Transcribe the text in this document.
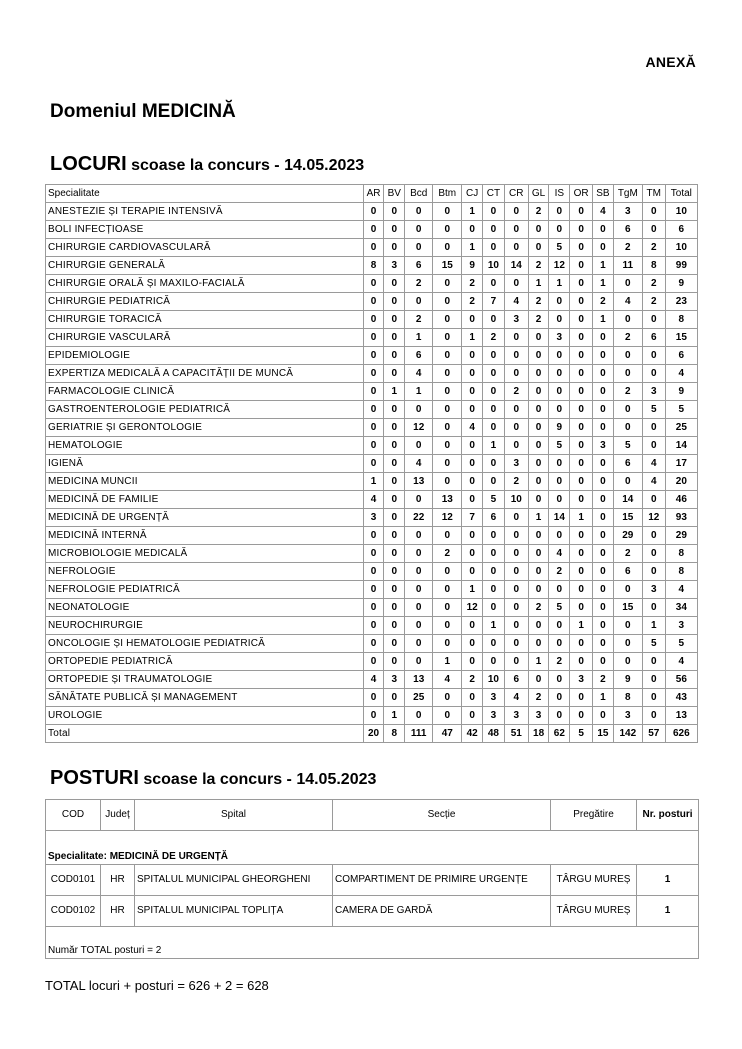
ANEXĂ
Domeniul MEDICINĂ
LOCURI scoase la concurs - 14.05.2023
Specialitate	AR	BV	Bcd	Btm	CJ	CT	CR	GL	IS	OR	SB	TgM	TM	Total
ANESTEZIE ȘI TERAPIE INTENSIVĂ	0	0	0	0	1	0	0	2	0	0	4	3	0	10
BOLI INFECȚIOASE	0	0	0	0	0	0	0	0	0	0	0	6	0	6
CHIRURGIE CARDIOVASCULARĂ	0	0	0	0	1	0	0	0	5	0	0	2	2	10
CHIRURGIE GENERALĂ	8	3	6	15	9	10	14	2	12	0	1	11	8	99
CHIRURGIE ORALĂ ȘI MAXILO-FACIALĂ	0	0	2	0	2	0	0	1	1	0	1	0	2	9
CHIRURGIE PEDIATRICĂ	0	0	0	0	2	7	4	2	0	0	2	4	2	23
CHIRURGIE TORACICĂ	0	0	2	0	0	0	3	2	0	0	1	0	0	8
CHIRURGIE VASCULARĂ	0	0	1	0	1	2	0	0	3	0	0	2	6	15
EPIDEMIOLOGIE	0	0	6	0	0	0	0	0	0	0	0	0	0	6
EXPERTIZA MEDICALĂ A CAPACITĂȚII DE MUNCĂ	0	0	4	0	0	0	0	0	0	0	0	0	0	4
FARMACOLOGIE CLINICĂ	0	1	1	0	0	0	2	0	0	0	0	2	3	9
GASTROENTEROLOGIE PEDIATRICĂ	0	0	0	0	0	0	0	0	0	0	0	0	5	5
GERIATRIE ȘI GERONTOLOGIE	0	0	12	0	4	0	0	0	9	0	0	0	0	25
HEMATOLOGIE	0	0	0	0	0	1	0	0	5	0	3	5	0	14
IGIENĂ	0	0	4	0	0	0	3	0	0	0	0	6	4	17
MEDICINA MUNCII	1	0	13	0	0	0	2	0	0	0	0	0	4	20
MEDICINĂ DE FAMILIE	4	0	0	13	0	5	10	0	0	0	0	14	0	46
MEDICINĂ DE URGENȚĂ	3	0	22	12	7	6	0	1	14	1	0	15	12	93
MEDICINĂ INTERNĂ	0	0	0	0	0	0	0	0	0	0	0	29	0	29
MICROBIOLOGIE MEDICALĂ	0	0	0	2	0	0	0	0	4	0	0	2	0	8
NEFROLOGIE	0	0	0	0	0	0	0	0	2	0	0	6	0	8
NEFROLOGIE PEDIATRICĂ	0	0	0	0	1	0	0	0	0	0	0	0	3	4
NEONATOLOGIE	0	0	0	0	12	0	0	2	5	0	0	15	0	34
NEUROCHIRURGIE	0	0	0	0	0	1	0	0	0	1	0	0	1	3
ONCOLOGIE ȘI HEMATOLOGIE PEDIATRICĂ	0	0	0	0	0	0	0	0	0	0	0	0	5	5
ORTOPEDIE PEDIATRICĂ	0	0	0	1	0	0	0	1	2	0	0	0	0	4
ORTOPEDIE ȘI TRAUMATOLOGIE	4	3	13	4	2	10	6	0	0	3	2	9	0	56
SĂNĂTATE PUBLICĂ ȘI MANAGEMENT	0	0	25	0	0	3	4	2	0	0	1	8	0	43
UROLOGIE	0	1	0	0	0	3	3	3	0	0	0	3	0	13
Total	20	8	111	47	42	48	51	18	62	5	15	142	57	626
POSTURI scoase la concurs - 14.05.2023
COD	Județ	Spital	Secție	Pregătire	Nr. posturi
Specialitate: MEDICINĂ DE URGENȚĂ					
COD0101	HR	SPITALUL MUNICIPAL GHEORGHENI	COMPARTIMENT DE PRIMIRE URGENȚE	TÂRGU MUREȘ	1
COD0102	HR	SPITALUL MUNICIPAL TOPLIȚA	CAMERA DE GARDĂ	TÂRGU MUREȘ	1
Număr TOTAL posturi = 2					
TOTAL locuri + posturi = 626 + 2 = 628
